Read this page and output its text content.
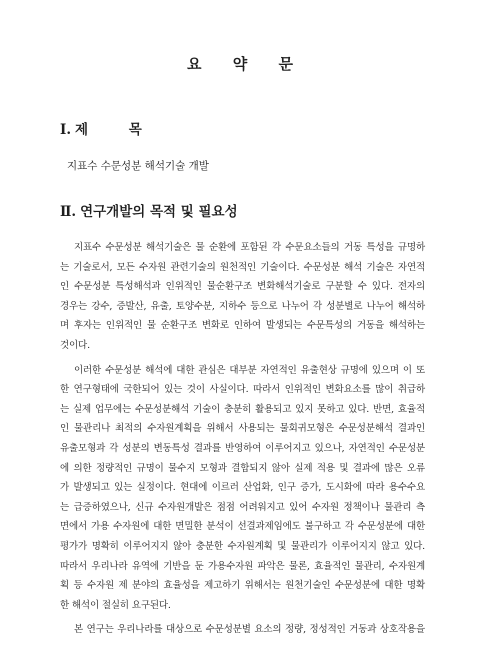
요 약 문
Ⅰ. 제 목
지표수 수문성분 해석기술 개발
Ⅱ. 연구개발의 목적 및 필요성
지표수 수문성분 해석기술은 물 순환에 포함된 각 수문요소들의 거동 특성을 규명하
는 기술로서, 모든 수자원 관련기술의 원천적인 기술이다. 수문성분 해석 기술은 자연적
인 수문성분 특성해석과 인위적인 물순환구조 변화해석기술로 구분할 수 있다. 전자의
경우는 강수, 증발산, 유출, 토양수분, 지하수 등으로 나누어 각 성분별로 나누어 해석하
며 후자는 인위적인 물 순환구조 변화로 인하여 발생되는 수문특성의 거동을 해석하는
것이다.
이러한 수문성분 해석에 대한 관심은 대부분 자연적인 유출현상 규명에 있으며 이 또
한 연구형태에 국한되어 있는 것이 사실이다. 따라서 인위적인 변화요소를 많이 취급하
는 실제 업무에는 수문성분해석 기술이 충분히 활용되고 있지 못하고 있다. 반면, 효율적
인 물관리나 최적의 수자원계획을 위해서 사용되는 물회귀모형은 수문성분해석 결과인
유출모형과 각 성분의 변동특성 결과를 반영하여 이루어지고 있으나, 자연적인 수문성분
에 의한 정량적인 규명이 물수지 모형과 결합되지 않아 실제 적용 및 결과에 많은 오류
가 발생되고 있는 실정이다. 현대에 이르러 산업화, 인구 증가, 도시화에 따라 용수수요
는 급증하였으나, 신규 수자원개발은 점점 어려워지고 있어 수자원 정책이나 물관리 측
면에서 가용 수자원에 대한 면밀한 분석이 선결과제임에도 불구하고 각 수문성분에 대한
평가가 명확히 이루어지지 않아 충분한 수자원계획 및 물관리가 이루어지지 않고 있다.
따라서 우리나라 유역에 기반을 둔 가용수자원 파악은 물론, 효율적인 물관리, 수자원계
획 등 수자원 제 분야의 효율성을 제고하기 위해서는 원천기술인 수문성분에 대한 명확
한 해석이 절실히 요구된다.
본 연구는 우리나라를 대상으로 수문성분별 요소의 정량, 정성적인 거동과 상호작용을
